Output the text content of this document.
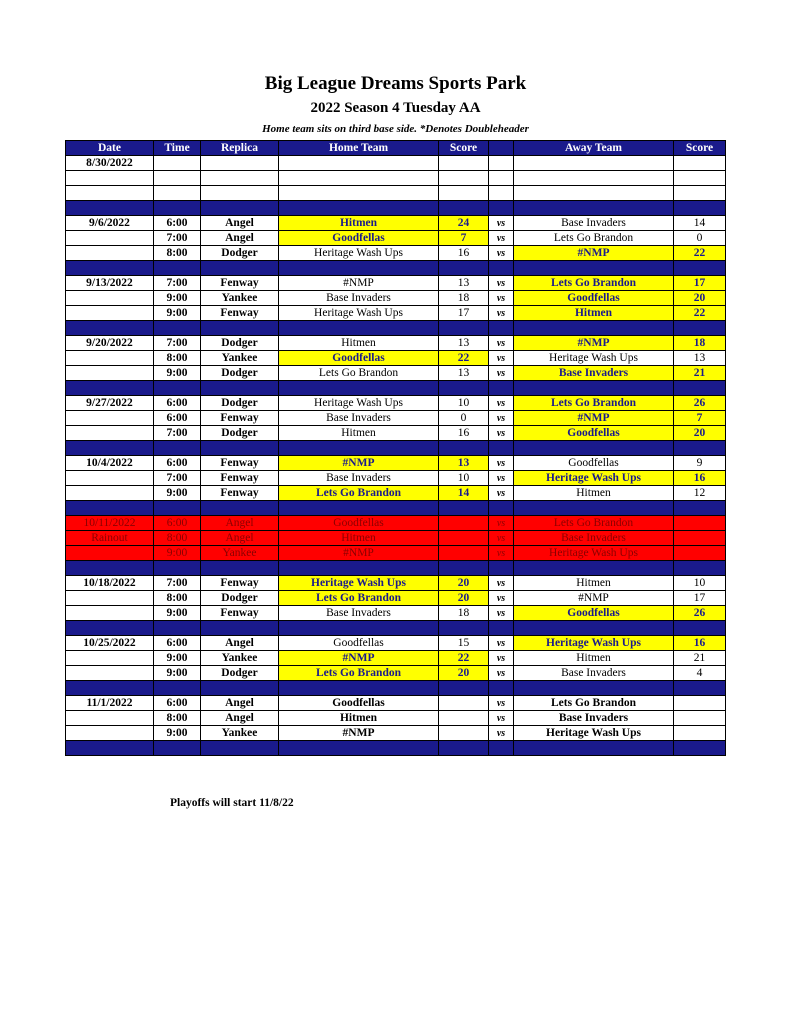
Big League Dreams Sports Park
2022 Season 4 Tuesday AA
Home team sits on third base side. *Denotes Doubleheader
Date	Time	Replica	Home Team	Score		Away Team	Score
8/30/2022							

9/6/2022	6:00	Angel	Hitmen	24	vs	Base Invaders	14
	7:00	Angel	Goodfellas	7	vs	Lets Go Brandon	0
	8:00	Dodger	Heritage Wash Ups	16	vs	#NMP	22

9/13/2022	7:00	Fenway	#NMP	13	vs	Lets Go Brandon	17
	9:00	Yankee	Base Invaders	18	vs	Goodfellas	20
	9:00	Fenway	Heritage Wash Ups	17	vs	Hitmen	22

9/20/2022	7:00	Dodger	Hitmen	13	vs	#NMP	18
	8:00	Yankee	Goodfellas	22	vs	Heritage Wash Ups	13
	9:00	Dodger	Lets Go Brandon	13	vs	Base Invaders	21

9/27/2022	6:00	Dodger	Heritage Wash Ups	10	vs	Lets Go Brandon	26
	6:00	Fenway	Base Invaders	0	vs	#NMP	7
	7:00	Dodger	Hitmen	16	vs	Goodfellas	20

10/4/2022	6:00	Fenway	#NMP	13	vs	Goodfellas	9
	7:00	Fenway	Base Invaders	10	vs	Heritage Wash Ups	16
	9:00	Fenway	Lets Go Brandon	14	vs	Hitmen	12

10/11/2022	6:00	Angel	Goodfellas		vs	Lets Go Brandon	
Rainout	8:00	Angel	Hitmen		vs	Base Invaders	
	9:00	Yankee	#NMP		vs	Heritage Wash Ups	

10/18/2022	7:00	Fenway	Heritage Wash Ups	20	vs	Hitmen	10
	8:00	Dodger	Lets Go Brandon	20	vs	#NMP	17
	9:00	Fenway	Base Invaders	18	vs	Goodfellas	26

10/25/2022	6:00	Angel	Goodfellas	15	vs	Heritage Wash Ups	16
	9:00	Yankee	#NMP	22	vs	Hitmen	21
	9:00	Dodger	Lets Go Brandon	20	vs	Base Invaders	4

11/1/2022	6:00	Angel	Goodfellas		vs	Lets Go Brandon	
	8:00	Angel	Hitmen		vs	Base Invaders	
	9:00	Yankee	#NMP		vs	Heritage Wash Ups	

Playoffs will start 11/8/22
